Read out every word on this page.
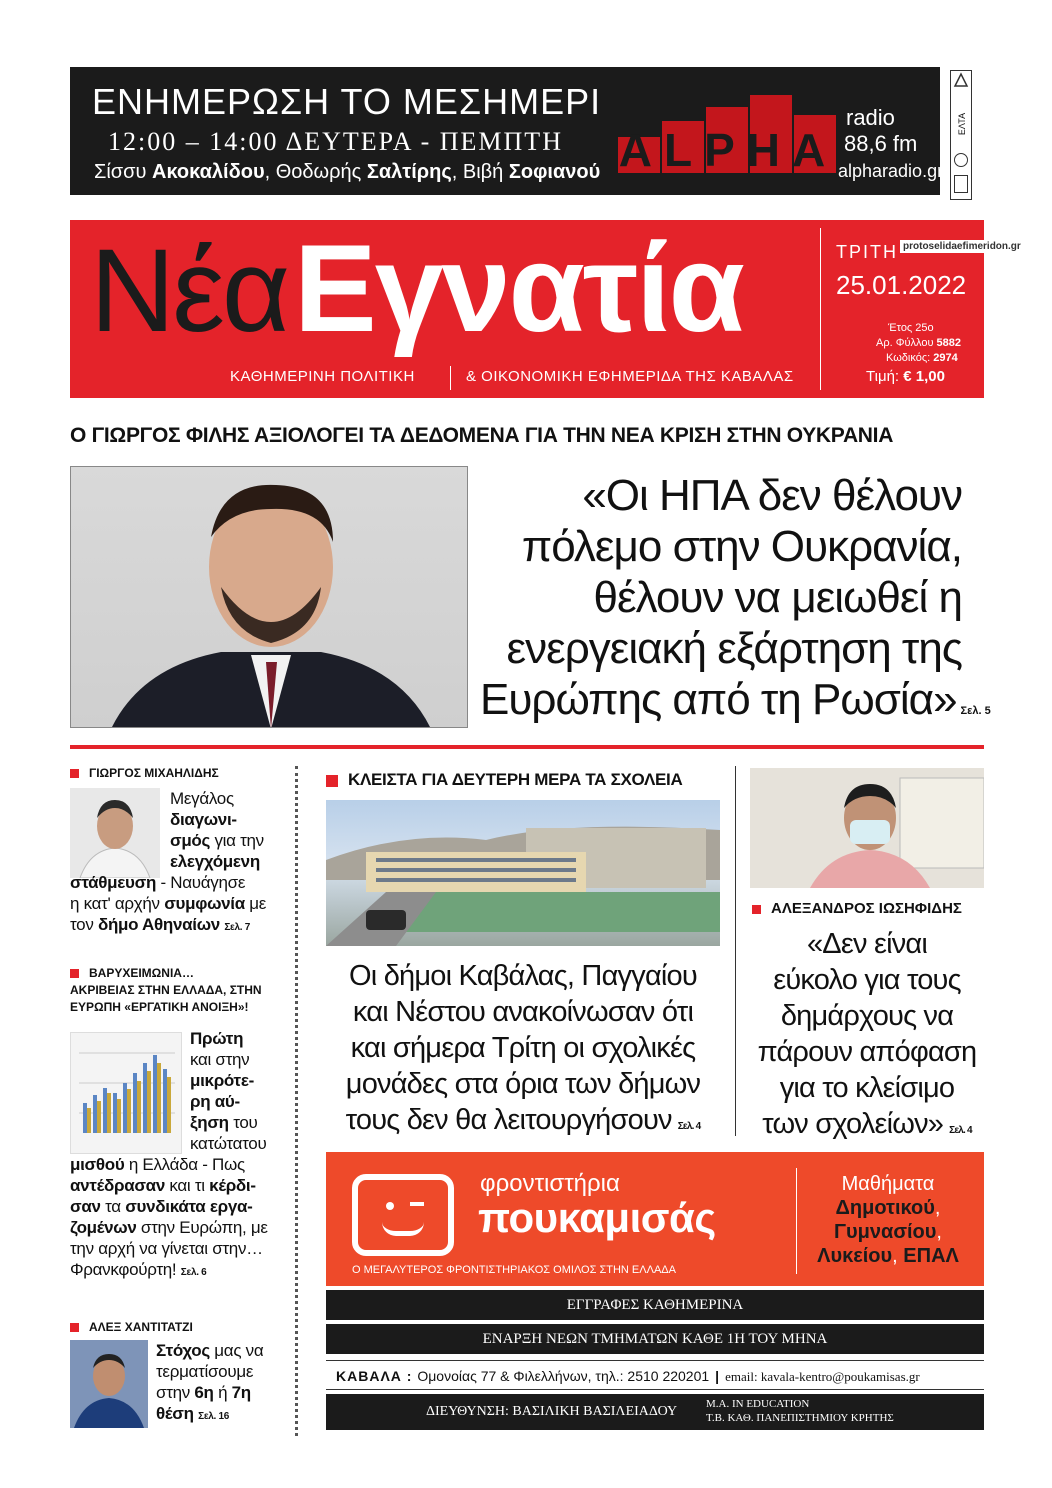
ΕΝΗΜΕΡΩΣΗ ΤΟ ΜΕΣΗΜΕΡΙ
12:00 – 14:00 ΔΕΥΤΕΡΑ - ΠΕΜΠΤΗ
Σίσσυ Ακοκαλίδου, Θοδωρής Σαλτίρης, Βιβή Σοφιανού ALPHA
radio
88,6 fm
alpharadio.gr
ΕΛΤΑ
Νέα Εγνατία
ΚΑΘΗΜΕΡΙΝΗ ΠΟΛΙΤΙΚΗ	& ΟΙΚΟΝΟΜΙΚΗ ΕΦΗΜΕΡΙΔΑ ΤΗΣ ΚΑΒΑΛΑΣ
ΤΡΙΤΗ
25.01.2022
Έτος 25ο
Αρ. Φύλλου 5882
Κωδικός: 2974
Τιμή: € 1,00
protoselidaefimeridon.gr
Ο ΓΙΩΡΓΟΣ ΦΙΛΗΣ ΑΞΙΟΛΟΓΕΙ ΤΑ ΔΕΔΟΜΕΝΑ ΓΙΑ ΤΗΝ ΝΕΑ ΚΡΙΣΗ ΣΤΗΝ ΟΥΚΡΑΝΙΑ
«Οι ΗΠΑ δεν θέλουν
πόλεμο στην Ουκρανία,
θέλουν να μειωθεί η
ενεργειακή εξάρτηση της
Ευρώπης από τη Ρωσία» Σελ. 5
ΓΙΩΡΓΟΣ ΜΙΧΑΗΛΙΔΗΣ
Μεγάλος
διαγωνι-
σμός για την
ελεγχόμενη
στάθμευση - Ναυάγησε
η κατ' αρχήν συμφωνία με
τον δήμο Αθηναίων Σελ. 7
ΒΑΡΥΧΕΙΜΩΝΙΑ…
ΑΚΡΙΒΕΙΑΣ ΣΤΗΝ ΕΛΛΑΔΑ, ΣΤΗΝ
ΕΥΡΩΠΗ «ΕΡΓΑΤΙΚΗ ΑΝΟΙΞΗ»!
Πρώτη
και στην
μικρότε-
ρη αύ-
ξηση του
κατώτατου
μισθού η Ελλάδα - Πως
αντέδρασαν και τι κέρδι-
σαν τα συνδικάτα εργα-
ζομένων στην Ευρώπη, με
την αρχή να γίνεται στην…
Φρανκφούρτη! Σελ. 6
ΑΛΕΞ ΧΑΝΤΙΤΑΤΖΙ
Στόχος μας να
τερματίσουμε
στην 6η ή 7η
θέση Σελ. 16
ΚΛΕΙΣΤΑ ΓΙΑ ΔΕΥΤΕΡΗ ΜΕΡΑ ΤΑ ΣΧΟΛΕΙΑ
Οι δήμοι Καβάλας, Παγγαίου
και Νέστου ανακοίνωσαν ότι
και σήμερα Τρίτη οι σχολικές
μονάδες στα όρια των δήμων
τους δεν θα λειτουργήσουν Σελ. 4
ΑΛΕΞΑΝΔΡΟΣ ΙΩΣΗΦΙΔΗΣ
«Δεν είναι
εύκολο για τους
δημάρχους να
πάρουν απόφαση
για το κλείσιμο
των σχολείων» Σελ. 4
φροντιστήρια
πουκαμισάς
Ο ΜΕΓΑΛΥΤΕΡΟΣ ΦΡΟΝΤΙΣΤΗΡΙΑΚΟΣ ΟΜΙΛΟΣ ΣΤΗΝ ΕΛΛΑΔΑ
Μαθήματα
Δημοτικού,
Γυμνασίου,
Λυκείου, ΕΠΑΛ
ΕΓΓΡΑΦΕΣ ΚΑΘΗΜΕΡΙΝΑ
ΕΝΑΡΞΗ ΝΕΩΝ ΤΜΗΜΑΤΩΝ ΚΑΘΕ 1Η ΤΟΥ ΜΗΝΑ
ΚΑΒΑΛΑ : Ομονοίας 77 & Φιλελλήνων, τηλ.: 2510 220201 | email: kavala-kentro@poukamisas.gr
ΔΙΕΥΘΥΝΣΗ: ΒΑΣΙΛΙΚΗ ΒΑΣΙΛΕΙΑΔΟΥ	M.A. IN EDUCATION
Τ.Β. ΚΑΘ. ΠΑΝΕΠΙΣΤΗΜΙΟΥ ΚΡΗΤΗΣ
